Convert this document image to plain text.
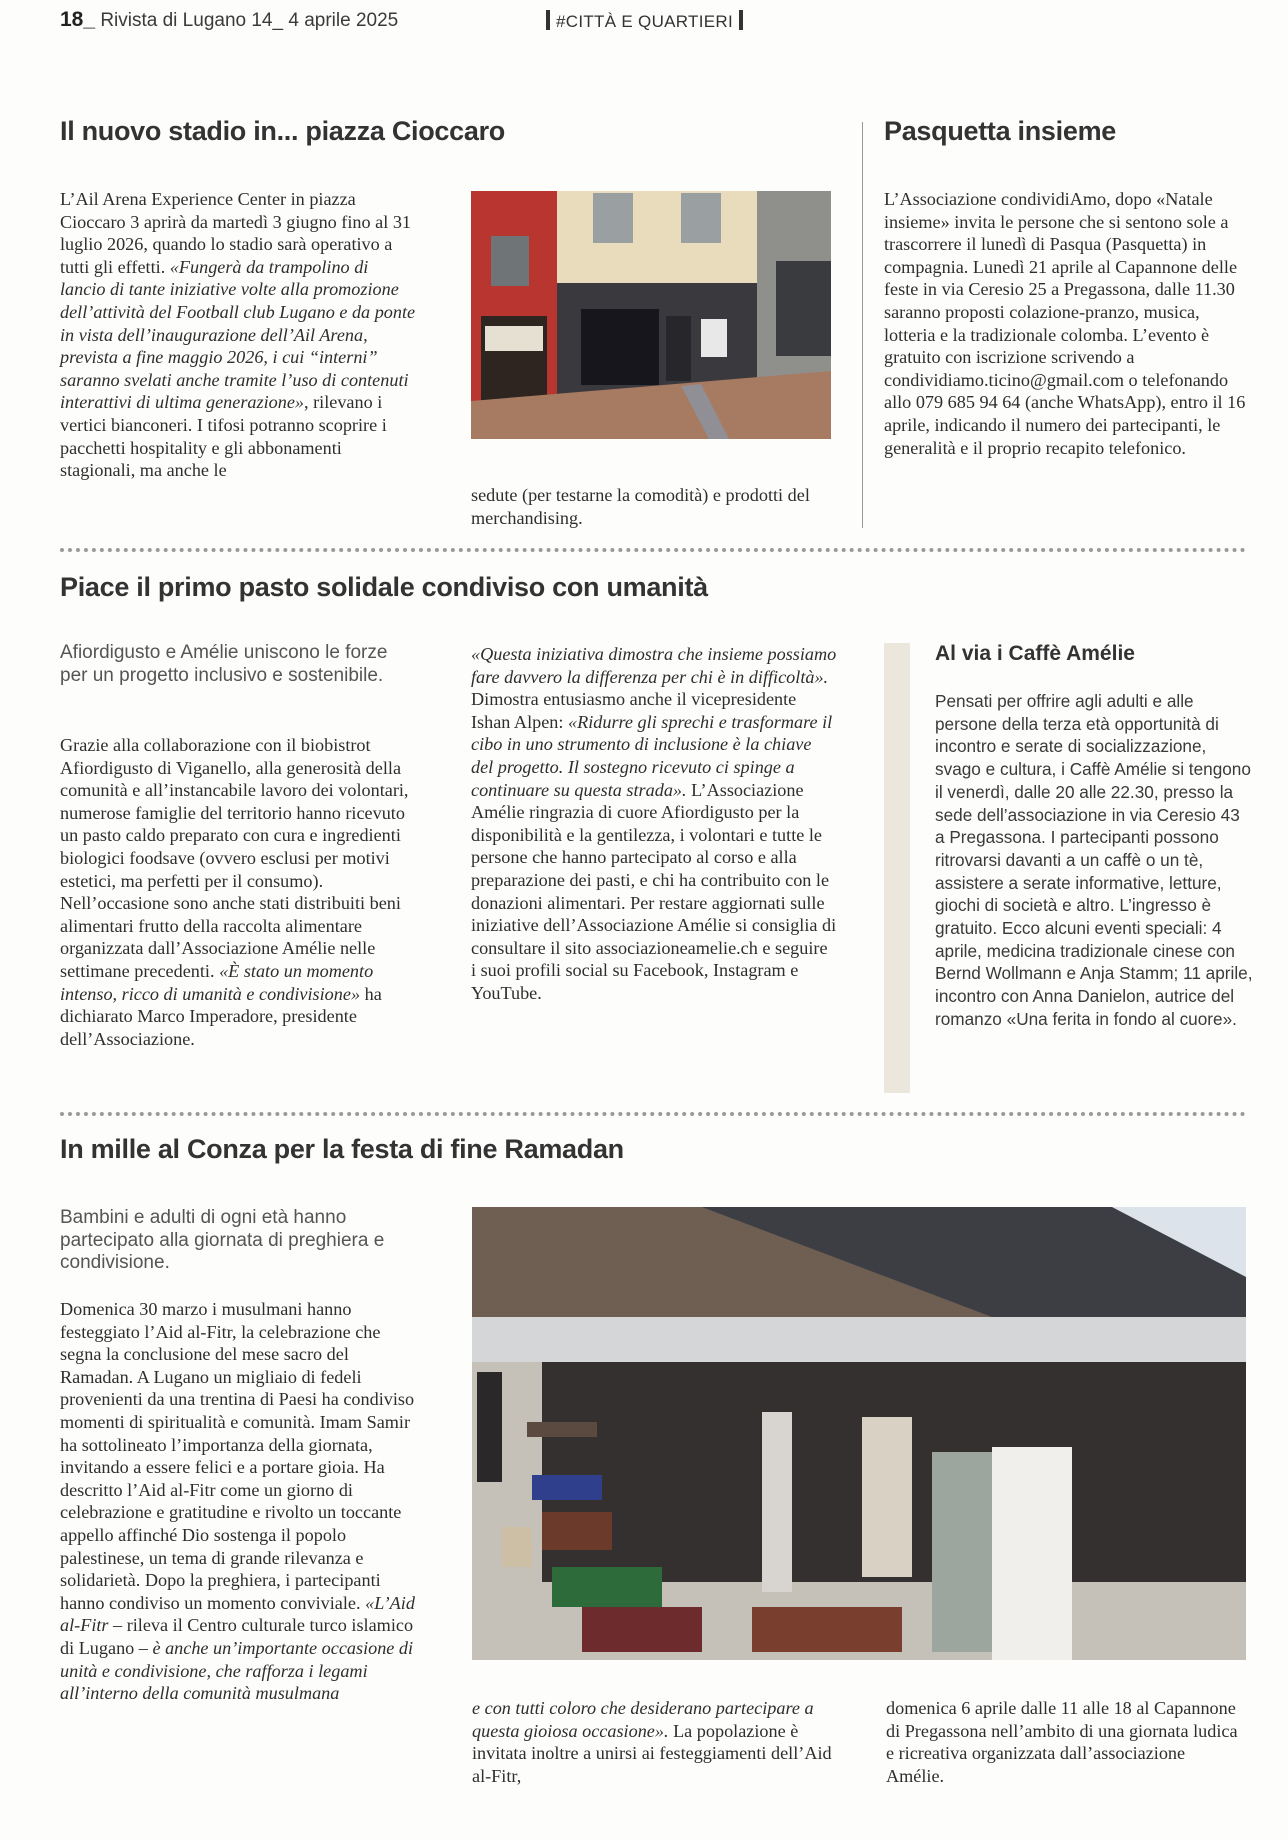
18_ Rivista di Lugano 14_ 4 aprile 2025	#CITTÀ E QUARTIERI
Il nuovo stadio in... piazza Cioccaro

L’Ail Arena Experience Center in piazza Cioccaro 3 aprirà da martedì 3 giugno fino al 31 luglio 2026, quando lo stadio sarà operativo a tutti gli effetti. «Fungerà da trampolino di lancio di tante iniziative volte alla promozione dell’attività del Football club Lugano e da ponte in vista dell’inaugurazione dell’Ail Arena, prevista a fine maggio 2026, i cui “interni” saranno svelati anche tramite l’uso di contenuti interattivi di ultima generazione», rilevano i vertici bianconeri. I tifosi potranno scoprire i pacchetti hospitality e gli abbonamenti stagionali, ma anche le

sedute (per testarne la comodità) e prodotti del merchandising.

Pasquetta insieme

L’Associazione condividiAmo, dopo «Natale insieme» invita le persone che si sentono sole a trascorrere il lunedì di Pasqua (Pasquetta) in compagnia. Lunedì 21 aprile al Capannone delle feste in via Ceresio 25 a Pregassona, dalle 11.30 saranno proposti colazione-pranzo, musica, lotteria e la tradizionale colomba. L’evento è gratuito con iscrizione scrivendo a condividiamo.ticino@gmail.com o telefonando allo 079 685 94 64 (anche WhatsApp), entro il 16 aprile, indicando il numero dei partecipanti, le generalità e il proprio recapito telefonico.

Piace il primo pasto solidale condiviso con umanità
Afiordigusto e Amélie uniscono le forze per un progetto inclusivo e sostenibile.

Grazie alla collaborazione con il biobistrot Afiordigusto di Viganello, alla generosità della comunità e all’instancabile lavoro dei volontari, numerose famiglie del territorio hanno ricevuto un pasto caldo preparato con cura e ingredienti biologici foodsave (ovvero esclusi per motivi estetici, ma perfetti per il consumo). Nell’occasione sono anche stati distribuiti beni alimentari frutto della raccolta alimentare organizzata dall’Associazione Amélie nelle settimane precedenti. «È stato un momento intenso, ricco di umanità e condivisione» ha dichiarato Marco Imperadore, presidente dell’Associazione.

«Questa iniziativa dimostra che insieme possiamo fare davvero la differenza per chi è in difficoltà». Dimostra entusiasmo anche il vicepresidente Ishan Alpen: «Ridurre gli sprechi e trasformare il cibo in uno strumento di inclusione è la chiave del progetto. Il sostegno ricevuto ci spinge a continuare su questa strada». L’Associazione Amélie ringrazia di cuore Afiordigusto per la disponibilità e la gentilezza, i volontari e tutte le persone che hanno partecipato al corso e alla preparazione dei pasti, e chi ha contribuito con le donazioni alimentari. Per restare aggiornati sulle iniziative dell’Associazione Amélie si consiglia di consultare il sito associazioneamelie.ch e seguire i suoi profili social su Facebook, Instagram e YouTube.

Al via i Caffè Amélie

Pensati per offrire agli adulti e alle persone della terza età opportunità di incontro e serate di socializzazione, svago e cultura, i Caffè Amélie si tengono il venerdì, dalle 20 alle 22.30, presso la sede dell’associazione in via Ceresio 43 a Pregassona. I partecipanti possono ritrovarsi davanti a un caffè o un tè, assistere a serate informative, letture, giochi di società e altro. L’ingresso è gratuito. Ecco alcuni eventi speciali: 4 aprile, medicina tradizionale cinese con Bernd Wollmann e Anja Stamm; 11 aprile, incontro con Anna Danielon, autrice del romanzo «Una ferita in fondo al cuore».

In mille al Conza per la festa di fine Ramadan
Bambini e adulti di ogni età hanno partecipato alla giornata di preghiera e condivisione.

Domenica 30 marzo i musulmani hanno festeggiato l’Aid al-Fitr, la celebrazione che segna la conclusione del mese sacro del Ramadan. A Lugano un migliaio di fedeli provenienti da una trentina di Paesi ha condiviso momenti di spiritualità e comunità. Imam Samir ha sottolineato l’importanza della giornata, invitando a essere felici e a portare gioia. Ha descritto l’Aid al-Fitr come un giorno di celebrazione e gratitudine e rivolto un toccante appello affinché Dio sostenga il popolo palestinese, un tema di grande rilevanza e solidarietà. Dopo la preghiera, i partecipanti hanno condiviso un momento conviviale. «L’Aid al-Fitr – rileva il Centro culturale turco islamico di Lugano – è anche un’importante occasione di unità e condivisione, che rafforza i legami all’interno della comunità musulmana

e con tutti coloro che desiderano partecipare a questa gioiosa occasione». La popolazione è invitata inoltre a unirsi ai festeggiamenti dell’Aid al-Fitr,

domenica 6 aprile dalle 11 alle 18 al Capannone di Pregassona nell’ambito di una giornata ludica e ricreativa organizzata dall’associazione Amélie.
